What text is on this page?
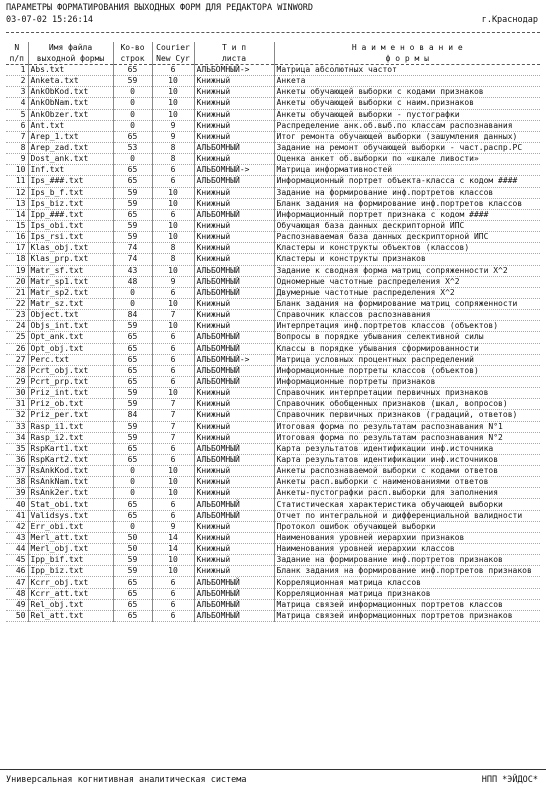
ПАРАМЕТРЫ ФОРМАТИРОВАНИЯ ВЫХОДНЫХ ФОРМ ДЛЯ РЕДАКТОРА WINWORD
03-07-02 15:26:14	г.Краснодар
N	Имя файла	Ко-во	Courier	Т и п	Н а и м е н о в а н и е
п/п	выходной формы	строк	New Cyr	листа	ф о р м ы
1	Abs.txt	65	6	АЛЬБОМНЫЙ->	Матрица абсолютных частот
2	Anketa.txt	59	10	Книжный	Анкета
3	AnkObKod.txt	0	10	Книжный	Анкеты обучающей выборки с кодами признаков
4	AnkObNam.txt	0	10	Книжный	Анкеты обучающей выборки с наим.признаков
5	AnkObzer.txt	0	10	Книжный	Анкеты обучающей выборки - пустографки
6	Ant.txt	0	9	Книжный	Распределение анк.об.выб.по классам распознавания
7	Arep_1.txt	65	9	Книжный	Итог ремонта обучающей выборки (зашумления данных)
8	Arep_zad.txt	53	8	АЛЬБОМНЫЙ	Задание на ремонт обучающей выборки - част.распр.РС
9	Dost_ank.txt	0	8	Книжный	Оценка анкет об.выборки по «шкале ливости»
10	Inf.txt	65	6	АЛЬБОМНЫЙ->	Матрица информативностей
11	Ips_###.txt	65	6	АЛЬБОМНЫЙ	Информационный портрет объекта-класса с кодом ####
12	Ips_b_f.txt	59	10	Книжный	Задание на формирование инф.портретов классов
13	Ips_biz.txt	59	10	Книжный	Бланк задания на формирование инф.портретов классов
14	Ipp_###.txt	65	6	АЛЬБОМНЫЙ	Информационный портрет признака с кодом ####
15	Ips_obi.txt	59	10	Книжный	Обучающая база данных дескрипторной ИПС
16	Ips_rsi.txt	59	10	Книжный	Распознаваемая база данных дескрипторной ИПС
17	Klas_obj.txt	74	8	Книжный	Кластеры и конструкты объектов (классов)
18	Klas_prp.txt	74	8	Книжный	Кластеры и конструкты признаков
19	Matr_sf.txt	43	10	АЛЬБОМНЫЙ	Задание к сводная форма матриц сопряженности Х^2
20	Matr_sp1.txt	48	9	АЛЬБОМНЫЙ	Одномерные частотные распределения Х^2
21	Matr_sp2.txt	0	6	АЛЬБОМНЫЙ	Двумерные частотные распределения Х^2
22	Matr_sz.txt	0	10	Книжный	Бланк задания на формирование матриц сопряженности
23	Object.txt	84	7	Книжный	Справочник классов распознавания
24	Objs_int.txt	59	10	Книжный	Интерпретация инф.портретов классов (объектов)
25	Opt_ank.txt	65	6	АЛЬБОМНЫЙ	Вопросы в порядке убывания селективной силы
26	Opt_obj.txt	65	6	АЛЬБОМНЫЙ	Классы в порядке убывания сформированности
27	Perc.txt	65	6	АЛЬБОМНЫЙ->	Матрица условных процентных распределений
28	Pcrt_obj.txt	65	6	АЛЬБОМНЫЙ	Информационные портреты классов (объектов)
29	Pcrt_prp.txt	65	6	АЛЬБОМНЫЙ	Информационные портреты признаков
30	Priz_int.txt	59	10	Книжный	Справочник интерпретации первичных признаков
31	Priz_ob.txt	59	7	Книжный	Справочник обобщенных признаков (шкал, вопросов)
32	Priz_per.txt	84	7	Книжный	Справочник первичных признаков (градаций, ответов)
33	Rasp_i1.txt	59	7	Книжный	Итоговая форма по результатам распознавания N°1
34	Rasp_i2.txt	59	7	Книжный	Итоговая форма по результатам распознавания N°2
35	RspKart1.txt	65	6	АЛЬБОМНЫЙ	Карта результатов идентификации инф.источника
36	RspKart2.txt	65	6	АЛЬБОМНЫЙ	Карта результатов идентификации инф.источников
37	RsAnkKod.txt	0	10	Книжный	Анкеты распознаваемой выборки с кодами ответов
38	RsAnkNam.txt	0	10	Книжный	Анкеты расп.выборки с наименованиями ответов
39	RsAnk2er.txt	0	10	Книжный	Анкеты-пустографки расп.выборки для заполнения
40	Stat_obi.txt	65	6	АЛЬБОМНЫЙ	Статистическая характеристика обучающей выборки
41	Validsys.txt	65	6	АЛЬБОМНЫЙ	Отчет по интегральной и дифференциальной валидности
42	Err_obi.txt	0	9	Книжный	Протокол ошибок обучающей выборки
43	Merl_att.txt	50	14	Книжный	Наименования уровней иерархии признаков
44	Merl_obj.txt	50	14	Книжный	Наименования уровней иерархии классов
45	Ipp_bif.txt	59	10	Книжный	Задание на формирование инф.портретов признаков
46	Ipp_biz.txt	59	10	Книжный	Бланк задания на формирование инф.портретов признаков
47	Kcrr_obj.txt	65	6	АЛЬБОМНЫЙ	Корреляционная матрица классов
48	Kcrr_att.txt	65	6	АЛЬБОМНЫЙ	Корреляционная матрица признаков
49	Rel_obj.txt	65	6	АЛЬБОМНЫЙ	Матрица связей информационных портретов классов
50	Rel_att.txt	65	6	АЛЬБОМНЫЙ	Матрица связей информационных портретов признаков
Универсальная когнитивная аналитическая система	НПП *ЭЙДОС*
